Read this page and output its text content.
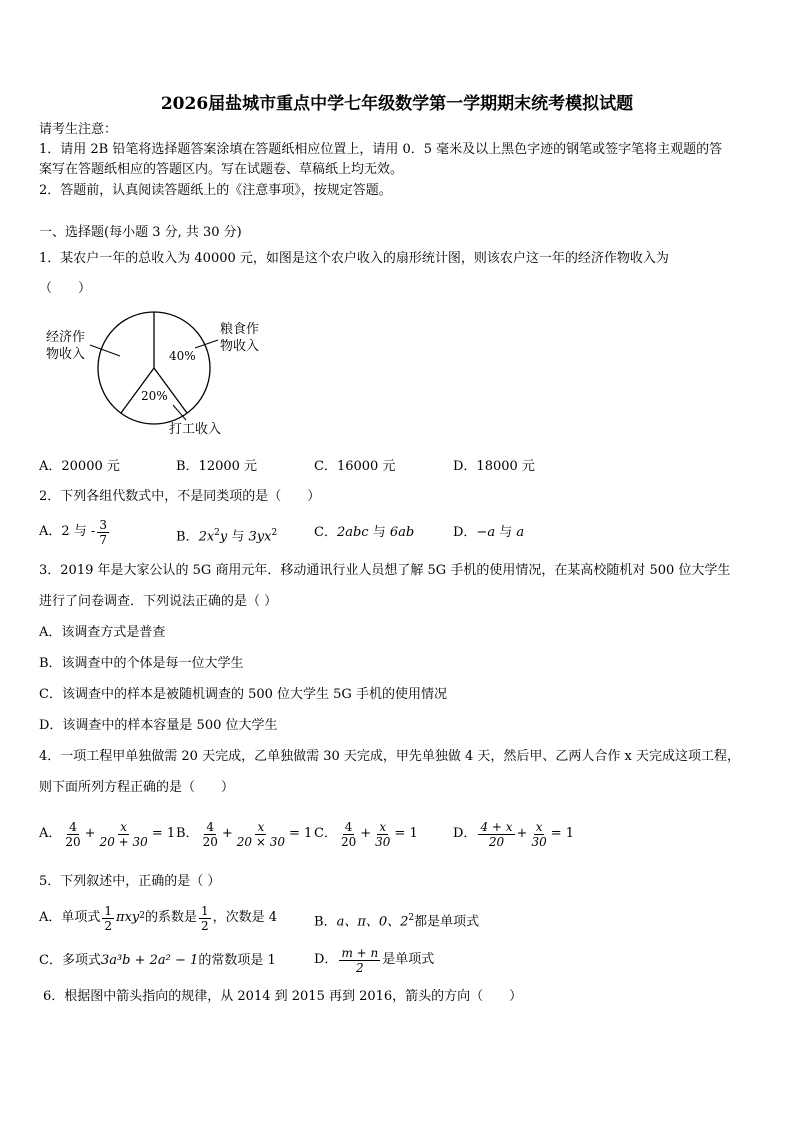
2026届盐城市重点中学七年级数学第一学期期末统考模拟试题
请考生注意：
1．请用 2B 铅笔将选择题答案涂填在答题纸相应位置上，请用 0．5 毫米及以上黑色字迹的钢笔或签字笔将主观题的答
案写在答题纸相应的答题区内。写在试题卷、草稿纸上均无效。
2．答题前，认真阅读答题纸上的《注意事项》，按规定答题。
一、选择题(每小题 3 分, 共 30 分)
1．某农户一年的总收入为 40000 元，如图是这个农户收入的扇形统计图，则该农户这一年的经济作物收入为
（　　）
经济作
物收入
粮食作
物收入
40%
20%
打工收入
A．20000 元	B．12000 元	C．16000 元	D．18000 元
2．下列各组代数式中，不是同类项的是（　　）
A．2 与 - $\frac{3}{7}$	B．$2x^2y$ 与 $3yx^2$	C．2abc 与 6ab	D．−a 与 a
3．2019 年是大家公认的 5G 商用元年．移动通讯行业人员想了解 5G 手机的使用情况，在某高校随机对 500 位大学生
进行了问卷调查．下列说法正确的是（ ）
A．该调查方式是普查
B．该调查中的个体是每一位大学生
C．该调查中的样本是被随机调查的 500 位大学生 5G 手机的使用情况
D．该调查中的样本容量是 500 位大学生
4．一项工程甲单独做需 20 天完成，乙单独做需 30 天完成，甲先单独做 4 天，然后甲、乙两人合作 x 天完成这项工程，
则下面所列方程正确的是（　　）
A． $\frac{4}{20} + \frac{x}{20 + 30} = 1$ B． $\frac{4}{20} + \frac{x}{20 \times 30} = 1$ C． $\frac{4}{20} + \frac{x}{30} = 1$	D． $\frac{4 + x}{20} + \frac{x}{30} = 1$
5．下列叙述中，正确的是（ ）
A．单项式 $\frac{1}{2}$ πxy 2 的系数是 $\frac{1}{2}$ ，次数是 4	B．a、π、0、$2^2$都是单项式
C．多项式3a³b + 2a² − 1的常数项是 1	D． $\frac{m + n}{2}$ 是单项式
6．根据图中箭头指向的规律，从 2014 到 2015 再到 2016，箭头的方向（　　）
